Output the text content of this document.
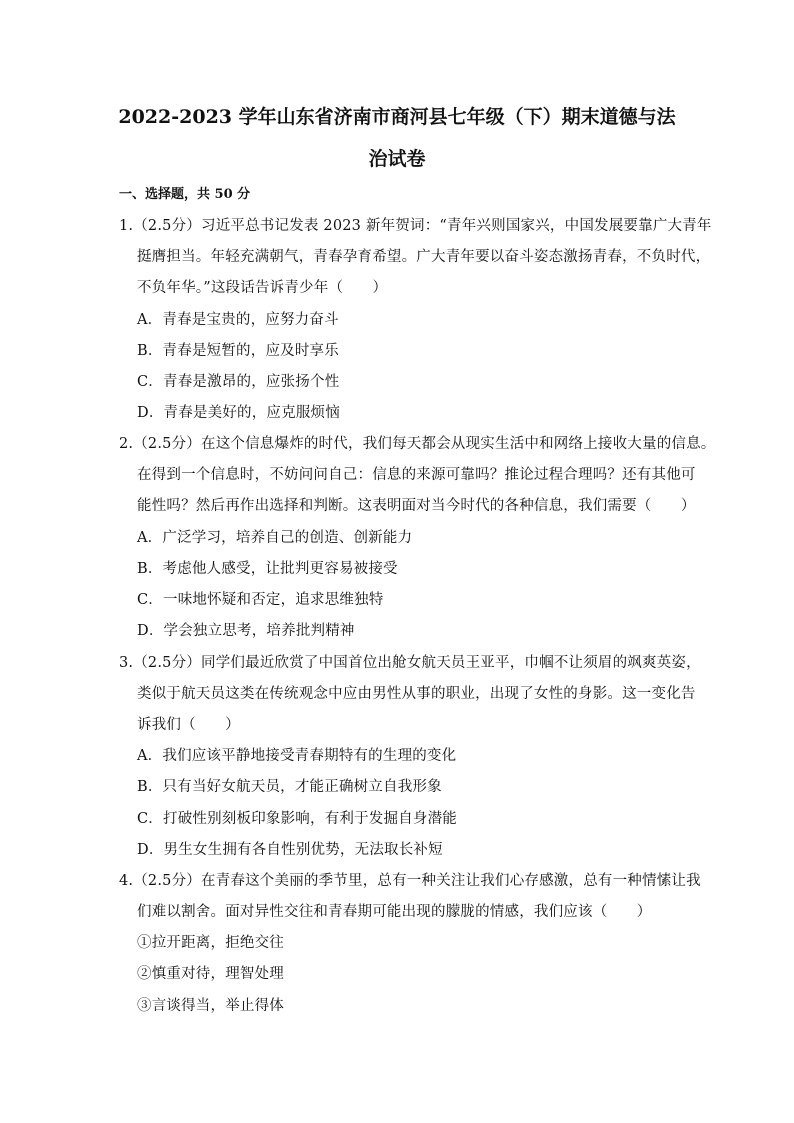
2022-2023 学年山东省济南市商河县七年级（下）期末道德与法
治试卷
一、选择题，共 50 分
1.（2.5分）习近平总书记发表 2023 新年贺词：“青年兴则国家兴，中国发展要靠广大青年
挺膺担当。年轻充满朝气，青春孕育希望。广大青年要以奋斗姿态激扬青春，不负时代，
不负年华。”这段话告诉青少年（　　）
A．青春是宝贵的，应努力奋斗
B．青春是短暂的，应及时享乐
C．青春是激昂的，应张扬个性
D．青春是美好的，应克服烦恼
2.（2.5分）在这个信息爆炸的时代，我们每天都会从现实生活中和网络上接收大量的信息。
在得到一个信息时，不妨问问自己：信息的来源可靠吗？推论过程合理吗？还有其他可
能性吗？然后再作出选择和判断。这表明面对当今时代的各种信息，我们需要（　　）
A．广泛学习，培养自己的创造、创新能力
B．考虑他人感受，让批判更容易被接受
C．一味地怀疑和否定，追求思维独特
D．学会独立思考，培养批判精神
3.（2.5分）同学们最近欣赏了中国首位出舱女航天员王亚平，巾帼不让须眉的飒爽英姿，
类似于航天员这类在传统观念中应由男性从事的职业，出现了女性的身影。这一变化告
诉我们（　　）
A．我们应该平静地接受青春期特有的生理的变化
B．只有当好女航天员，才能正确树立自我形象
C．打破性别刻板印象影响，有利于发掘自身潜能
D．男生女生拥有各自性别优势，无法取长补短
4.（2.5分）在青春这个美丽的季节里，总有一种关注让我们心存感激，总有一种情愫让我
们难以割舍。面对异性交往和青春期可能出现的朦胧的情感，我们应该（　　）
①拉开距离，拒绝交往
②慎重对待，理智处理
③言谈得当，举止得体
